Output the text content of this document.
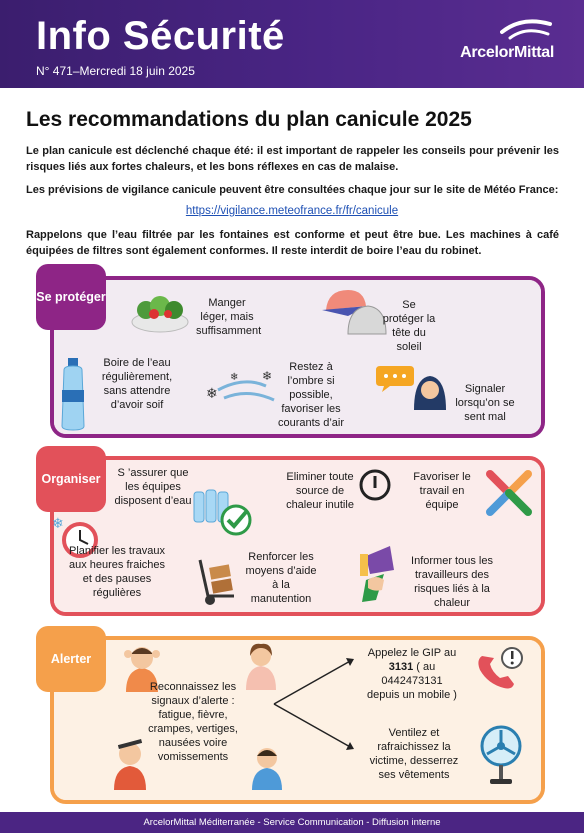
Info Sécurité
N° 471–Mercredi 18 juin 2025
ArcelorMittal
Les recommandations du plan canicule 2025
Le plan canicule est déclenché chaque été: il est important de rappeler les conseils pour prévenir les risques liés aux fortes chaleurs, et les bons réflexes en cas de malaise.
Les prévisions de vigilance canicule peuvent être consultées chaque jour sur le site de Météo France:
https://vigilance.meteofrance.fr/fr/canicule
Rappelons que l’eau filtrée par les fontaines est conforme et peut être bue. Les machines à café équipées de filtres sont également conformes. Il reste interdit de boire l’eau du robinet.
Se protéger	Manger léger, mais suffisamment
Se protéger la tête du soleil
Boire de l’eau régulièrement, sans attendre d’avoir soif
❄
❄ ❄
Restez à l’ombre si possible, favoriser les courants d’air
Signaler lorsqu’on se sent mal
Organiser	S ’assurer que les équipes disposent d’eau
Eliminer toute source de chaleur inutile
Favoriser le travail en équipe
❄
Planifier les travaux aux heures fraiches et des pauses régulières
Renforcer les moyens d’aide à la manutention
Informer tous les travailleurs des risques liés à la chaleur
Alerter
Reconnaissez les signaux d’alerte : fatigue, fièvre, crampes, vertiges, nausées voire vomissements
Appelez le GIP au
3131 ( au 0442473131 depuis un mobile )
Ventilez et rafraichissez la victime, desserrez ses vêtements
ArcelorMittal Méditerranée - Service Communication - Diffusion interne
